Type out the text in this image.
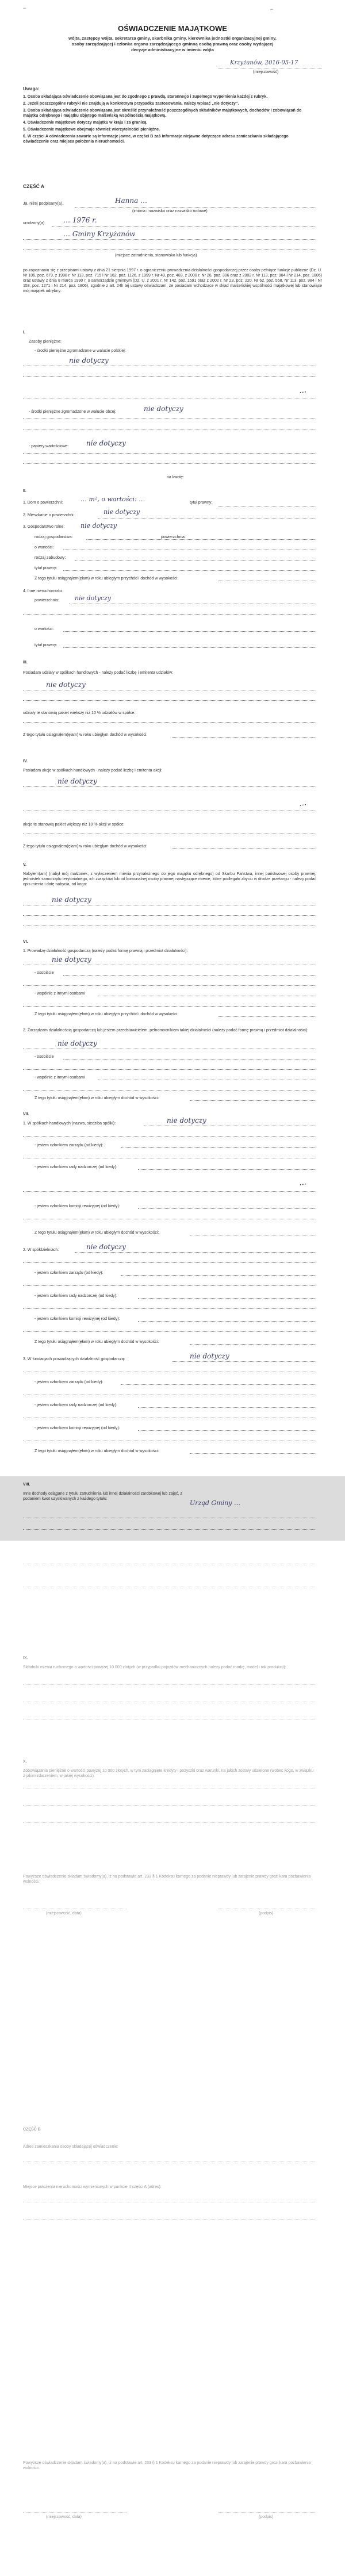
…	…
OŚWIADCZENIE MAJĄTKOWE
wójta, zastępcy wójta, sekretarza gminy, skarbnika gminy, kierownika jednostki organizacyjnej gminy, osoby zarządzającej i członka organu zarządzającego gminną osobą prawną oraz osoby wydającej decyzje administracyjne w imieniu wójta
Krzyżanów, 2016-05-17
(miejscowość)
Uwaga:
1. Osoba składająca oświadczenie obowiązana jest do zgodnego z prawdą, starannego i zupełnego wypełnienia każdej z rubryk.
2. Jeżeli poszczególne rubryki nie znajdują w konkretnym przypadku zastosowania, należy wpisać „nie dotyczy”.
3. Osoba składająca oświadczenie obowiązana jest określić przynależność poszczególnych składników majątkowych, dochodów i zobowiązań do majątku odrębnego i majątku objętego małżeńską wspólnością majątkową.
4. Oświadczenie majątkowe dotyczy majątku w kraju i za granicą.
5. Oświadczenie majątkowe obejmuje również wierzytelności pieniężne.
6. W części A oświadczenia zawarte są informacje jawne, w części B zaś informacje niejawne dotyczące adresu zamieszkania składającego oświadczenie oraz miejsca położenia nieruchomości.
CZĘŚĆ A
Ja, niżej podpisany(a),	Hanna …
(imiona i nazwisko oraz nazwisko rodowe)
urodzony(a)	… 1976 r.
… Gminy Krzyżanów
(miejsce zatrudnienia, stanowisko lub funkcja)
po zapoznaniu się z przepisami ustawy z dnia 21 sierpnia 1997 r. o ograniczeniu prowadzenia działalności gospodarczej przez osoby pełniące funkcje publiczne (Dz. U. Nr 106, poz. 679, z 1998 r. Nr 113, poz. 715 i Nr 162, poz. 1126, z 1999 r. Nr 49, poz. 483, z 2000 r. Nr 26, poz. 306 oraz z 2002 r. Nr 113, poz. 984 i Nr 214, poz. 1806) oraz ustawy z dnia 8 marca 1990 r. o samorządzie gminnym (Dz. U. z 2001 r. Nr 142, poz. 1591 oraz z 2002 r. Nr 23, poz. 220, Nr 62, poz. 558, Nr 113, poz. 984 i Nr 153, poz. 1271 i Nr 214, poz. 1806), zgodnie z art. 24h tej ustawy oświadczam, że posiadam wchodzące w skład małżeńskiej wspólności majątkowej lub stanowiące mój majątek odrębny:
I.
Zasoby pieniężne:
- środki pieniężne zgromadzone w walucie polskiej:
nie dotyczy
…
- środki pieniężne zgromadzone w walucie obcej:	nie dotyczy
- papiery wartościowe:	nie dotyczy
na kwotę:
II.
1. Dom o powierzchni:	… m², o wartości: …	tytuł prawny:
2. Mieszkanie o powierzchni:	nie dotyczy
3. Gospodarstwo rolne:	nie dotyczy
rodzaj gospodarstwa:	powierzchnia:
o wartości:
rodzaj zabudowy:
tytuł prawny:
Z tego tytułu osiągnąłem(ęłam) w roku ubiegłym przychód i dochód w wysokości:
4. Inne nieruchomości:
powierzchnia: nie dotyczy
o wartości:
tytuł prawny:
III.
Posiadam udziały w spółkach handlowych - należy podać liczbę i emitenta udziałów:
nie dotyczy
udziały te stanowią pakiet większy niż 10 % udziałów w spółce:
Z tego tytułu osiągnąłem(ęłam) w roku ubiegłym dochód w wysokości:
IV.
Posiadam akcje w spółkach handlowych - należy podać liczbę i emitenta akcji:
nie dotyczy
…
akcje te stanowią pakiet większy niż 10 % akcji w spółce:
Z tego tytułu osiągnąłem(ęłam) w roku ubiegłym dochód w wysokości:
V.
Nabyłem(am) (nabył mój małżonek, z wyłączeniem mienia przynależnego do jego majątku odrębnego) od Skarbu Państwa, innej państwowej osoby prawnej, jednostek samorządu terytorialnego, ich związków lub od komunalnej osoby prawnej następujące mienie, które podlegało zbyciu w drodze przetargu - należy podać opis mienia i datę nabycia, od kogo:
nie dotyczy
VI.
1. Prowadzę działalność gospodarczą (należy podać formę prawną i przedmiot działalności):
nie dotyczy
- osobiście
- wspólnie z innymi osobami
Z tego tytułu osiągnąłem(ęłam) w roku ubiegłym przychód i dochód w wysokości:
2. Zarządzam działalnością gospodarczą lub jestem przedstawicielem, pełnomocnikiem takiej działalności (należy podać formę prawną i przedmiot działalności):
nie dotyczy
- osobiście
- wspólnie z innymi osobami
Z tego tytułu osiągnąłem(ęłam) w roku ubiegłym dochód w wysokości:
VII.
1. W spółkach handlowych (nazwa, siedziba spółki):	nie dotyczy
- jestem członkiem zarządu (od kiedy):
- jestem członkiem rady nadzorczej (od kiedy):
…
- jestem członkiem komisji rewizyjnej (od kiedy):
Z tego tytułu osiągnąłem(ęłam) w roku ubiegłym dochód w wysokości:
2. W spółdzielniach:	nie dotyczy
- jestem członkiem zarządu (od kiedy):
- jestem członkiem rady nadzorczej (od kiedy):
- jestem członkiem komisji rewizyjnej (od kiedy):
Z tego tytułu osiągnąłem(ęłam) w roku ubiegłym dochód w wysokości:
3. W fundacjach prowadzących działalność gospodarczą:	nie dotyczy
- jestem członkiem zarządu (od kiedy):
- jestem członkiem rady nadzorczej (od kiedy):
- jestem członkiem komisji rewizyjnej (od kiedy):
Z tego tytułu osiągnąłem(ęłam) w roku ubiegłym dochód w wysokości:
VIII.
Inne dochody osiągane z tytułu zatrudnienia lub innej działalności zarobkowej lub zajęć, z podaniem kwot uzyskiwanych z każdego tytułu:
Urząd Gminy …
IX.
Składniki mienia ruchomego o wartości powyżej 10 000 złotych (w przypadku pojazdów mechanicznych należy podać markę, model i rok produkcji):
X.
Zobowiązania pieniężne o wartości powyżej 10 000 złotych, w tym zaciągnięte kredyty i pożyczki oraz warunki, na jakich zostały udzielone (wobec kogo, w związku z jakim zdarzeniem, w jakiej wysokości):
Powyższe oświadczenie składam świadomy(a), iż na podstawie art. 233 § 1 Kodeksu karnego za podanie nieprawdy lub zatajenie prawdy grozi kara pozbawienia wolności.
(miejscowość, data)	(podpis)
CZĘŚĆ B
Adres zamieszkania osoby składającej oświadczenie:
Miejsce położenia nieruchomości wymienionych w punkcie II części A (adres):
Powyższe oświadczenie składam świadomy(a), iż na podstawie art. 233 § 1 Kodeksu karnego za podanie nieprawdy lub zatajenie prawdy grozi kara pozbawienia wolności.
(miejscowość, data)	(podpis)
